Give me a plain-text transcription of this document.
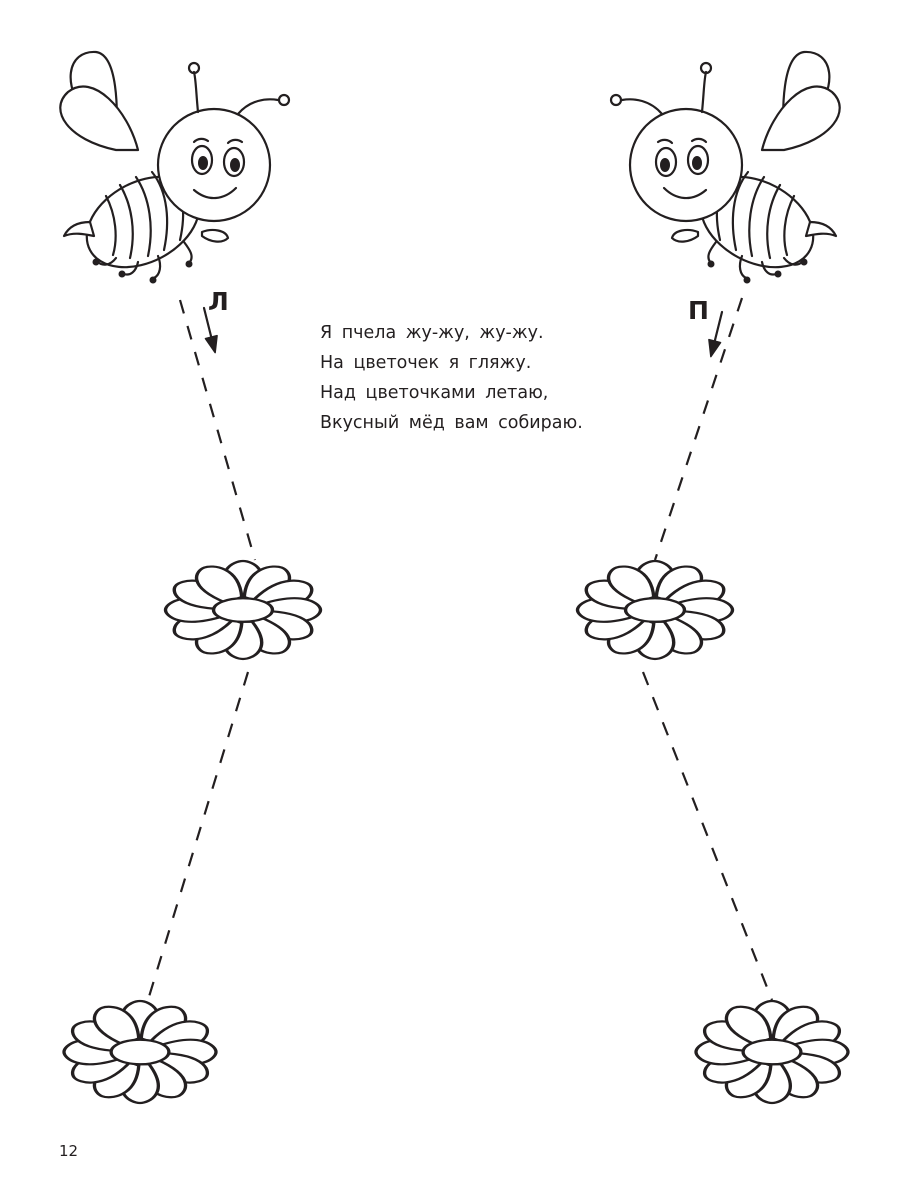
Л	П
Я пчела жу-жу, жу-жу.
На цветочек я гляжу.
Над цветочками летаю,
Вкусный мёд вам собираю.
12
